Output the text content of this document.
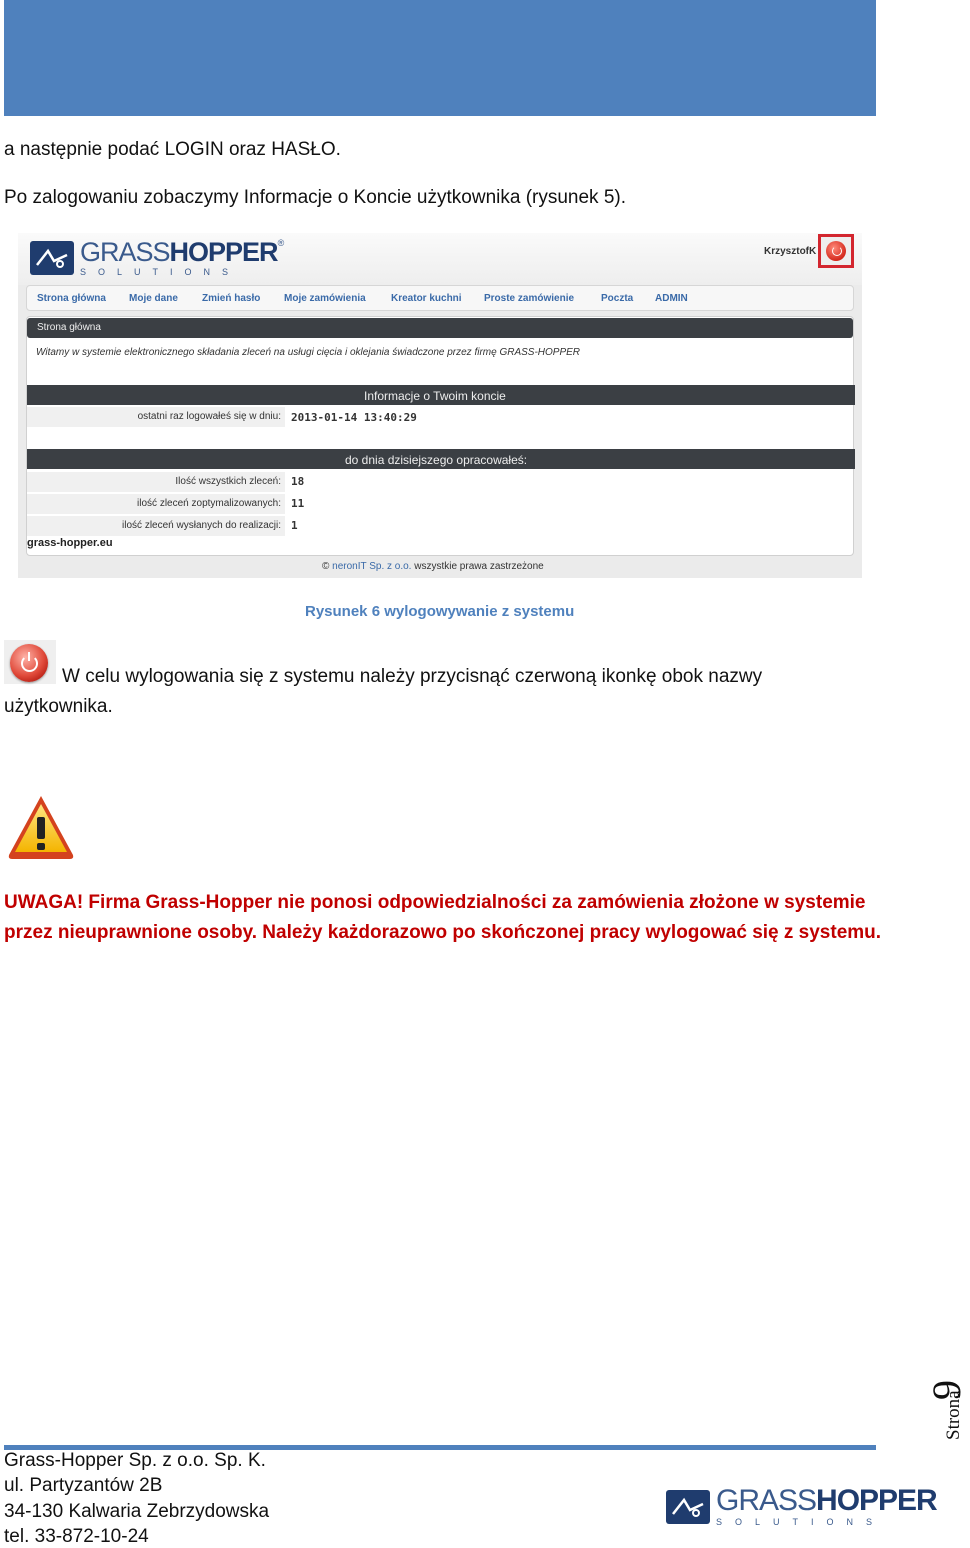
a następnie podać LOGIN oraz HASŁO.

Po zalogowaniu zobaczymy Informacje o Koncie użytkownika (rysunek 5).

GRASSHOPPER®
SOLUTIONS
KrzysztofK
Strona główna Moje dane Zmień hasło Moje zamówienia	Kreator kuchni Proste zamówienie	Poczta ADMIN
Strona główna

Witamy w systemie elektronicznego składania zleceń na usługi cięcia i oklejania świadczone przez firmę GRASS-HOPPER

Informacje o Twoim koncie
ostatni raz logowałeś się w dniu: 2013-01-14 13:40:29
do dnia dzisiejszego opracowałeś:
Ilość wszystkich zleceń: 18
ilość zleceń zoptymalizowanych: 11
ilość zleceń wysłanych do realizacji: 1
grass-hopper.eu

© neronIT Sp. z o.o. wszystkie prawa zastrzeżone

Rysunek 6 wylogowywanie z systemu

W celu wylogowania się z systemu należy przycisnąć czerwoną ikonkę obok nazwy

użytkownika.

UWAGA! Firma Grass-Hopper nie ponosi odpowiedzialności za zamówienia złożone w systemie

przez nieuprawnione osoby. Należy każdorazowo po skończonej pracy wylogować się z systemu.

Strona
9

Grass-Hopper Sp. z o.o. Sp. K.

ul. Partyzantów 2B

34-130 Kalwaria Zebrzydowska

tel. 33-872-10-24

GRASSHOPPER
SOLUTIONS
